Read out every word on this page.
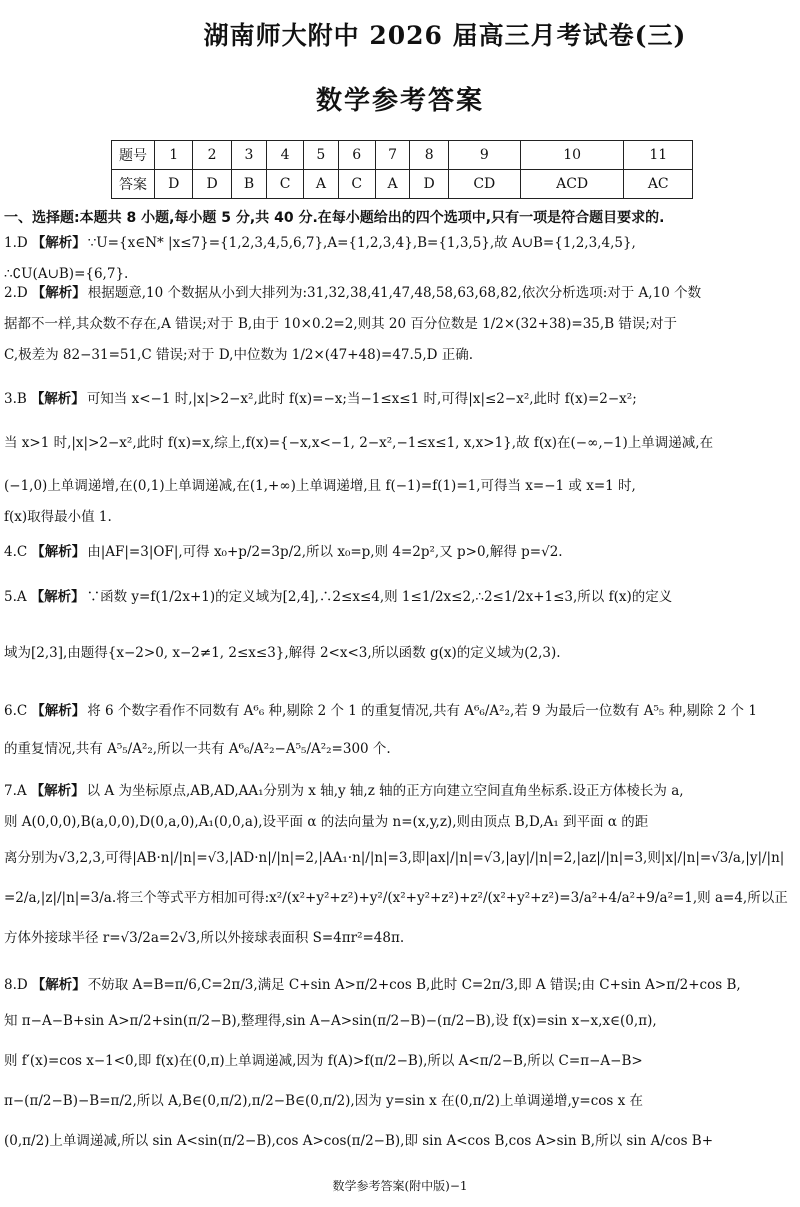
湖南师大附中 2026 届高三月考试卷(三)
数学参考答案
题号	1	2	3	4	5	6	7	8	9	10	11
答案	D	D	B	C	A	C	A	D	CD	ACD	AC
一、选择题:本题共 8 小题,每小题 5 分,共 40 分.在每小题给出的四个选项中,只有一项是符合题目要求的.
1.D 【解析】 ∵U={x∈N* |x≤7}={1,2,3,4,5,6,7},A={1,2,3,4},B={1,3,5},故 A∪B={1,2,3,4,5},
∴∁U(A∪B)={6,7}.
2.D 【解析】 根据题意,10 个数据从小到大排列为:31,32,38,41,47,48,58,63,68,82,依次分析选项:对于 A,10 个数
据都不一样,其众数不存在,A 错误;对于 B,由于 10×0.2=2,则其 20 百分位数是 1/2×(32+38)=35,B 错误;对于
C,极差为 82−31=51,C 错误;对于 D,中位数为 1/2×(47+48)=47.5,D 正确.
3.B 【解析】 可知当 x<−1 时,|x|>2−x²,此时 f(x)=−x;当−1≤x≤1 时,可得|x|≤2−x²,此时 f(x)=2−x²;
当 x>1 时,|x|>2−x²,此时 f(x)=x,综上,f(x)={−x,x<−1, 2−x²,−1≤x≤1, x,x>1},故 f(x)在(−∞,−1)上单调递减,在
(−1,0)上单调递增,在(0,1)上单调递减,在(1,+∞)上单调递增,且 f(−1)=f(1)=1,可得当 x=−1 或 x=1 时,
f(x)取得最小值 1.
4.C 【解析】 由|AF|=3|OF|,可得 x₀+p/2=3p/2,所以 x₀=p,则 4=2p²,又 p>0,解得 p=√2.
5.A 【解析】 ∵函数 y=f(1/2x+1)的定义域为[2,4],∴2≤x≤4,则 1≤1/2x≤2,∴2≤1/2x+1≤3,所以 f(x)的定义
域为[2,3],由题得{x−2>0, x−2≠1, 2≤x≤3},解得 2<x<3,所以函数 g(x)的定义域为(2,3).
6.C 【解析】 将 6 个数字看作不同数有 A⁶₆ 种,剔除 2 个 1 的重复情况,共有 A⁶₆/A²₂,若 9 为最后一位数有 A⁵₅ 种,剔除 2 个 1
的重复情况,共有 A⁵₅/A²₂,所以一共有 A⁶₆/A²₂−A⁵₅/A²₂=300 个.
7.A 【解析】 以 A 为坐标原点,AB,AD,AA₁分别为 x 轴,y 轴,z 轴的正方向建立空间直角坐标系.设正方体棱长为 a,
则 A(0,0,0),B(a,0,0),D(0,a,0),A₁(0,0,a),设平面 α 的法向量为 n=(x,y,z),则由顶点 B,D,A₁ 到平面 α 的距
离分别为√3,2,3,可得|AB·n|/|n|=√3,|AD·n|/|n|=2,|AA₁·n|/|n|=3,即|ax|/|n|=√3,|ay|/|n|=2,|az|/|n|=3,则|x|/|n|=√3/a,|y|/|n|
=2/a,|z|/|n|=3/a.将三个等式平方相加可得:x²/(x²+y²+z²)+y²/(x²+y²+z²)+z²/(x²+y²+z²)=3/a²+4/a²+9/a²=1,则 a=4,所以正
方体外接球半径 r=√3/2a=2√3,所以外接球表面积 S=4πr²=48π.
8.D 【解析】 不妨取 A=B=π/6,C=2π/3,满足 C+sin A>π/2+cos B,此时 C=2π/3,即 A 错误;由 C+sin A>π/2+cos B,
知 π−A−B+sin A>π/2+sin(π/2−B),整理得,sin A−A>sin(π/2−B)−(π/2−B),设 f(x)=sin x−x,x∈(0,π),
则 f′(x)=cos x−1<0,即 f(x)在(0,π)上单调递减,因为 f(A)>f(π/2−B),所以 A<π/2−B,所以 C=π−A−B>
π−(π/2−B)−B=π/2,所以 A,B∈(0,π/2),π/2−B∈(0,π/2),因为 y=sin x 在(0,π/2)上单调递增,y=cos x 在
(0,π/2)上单调递减,所以 sin A<sin(π/2−B),cos A>cos(π/2−B),即 sin A<cos B,cos A>sin B,所以 sin A/cos B+
数学参考答案(附中版)−1
